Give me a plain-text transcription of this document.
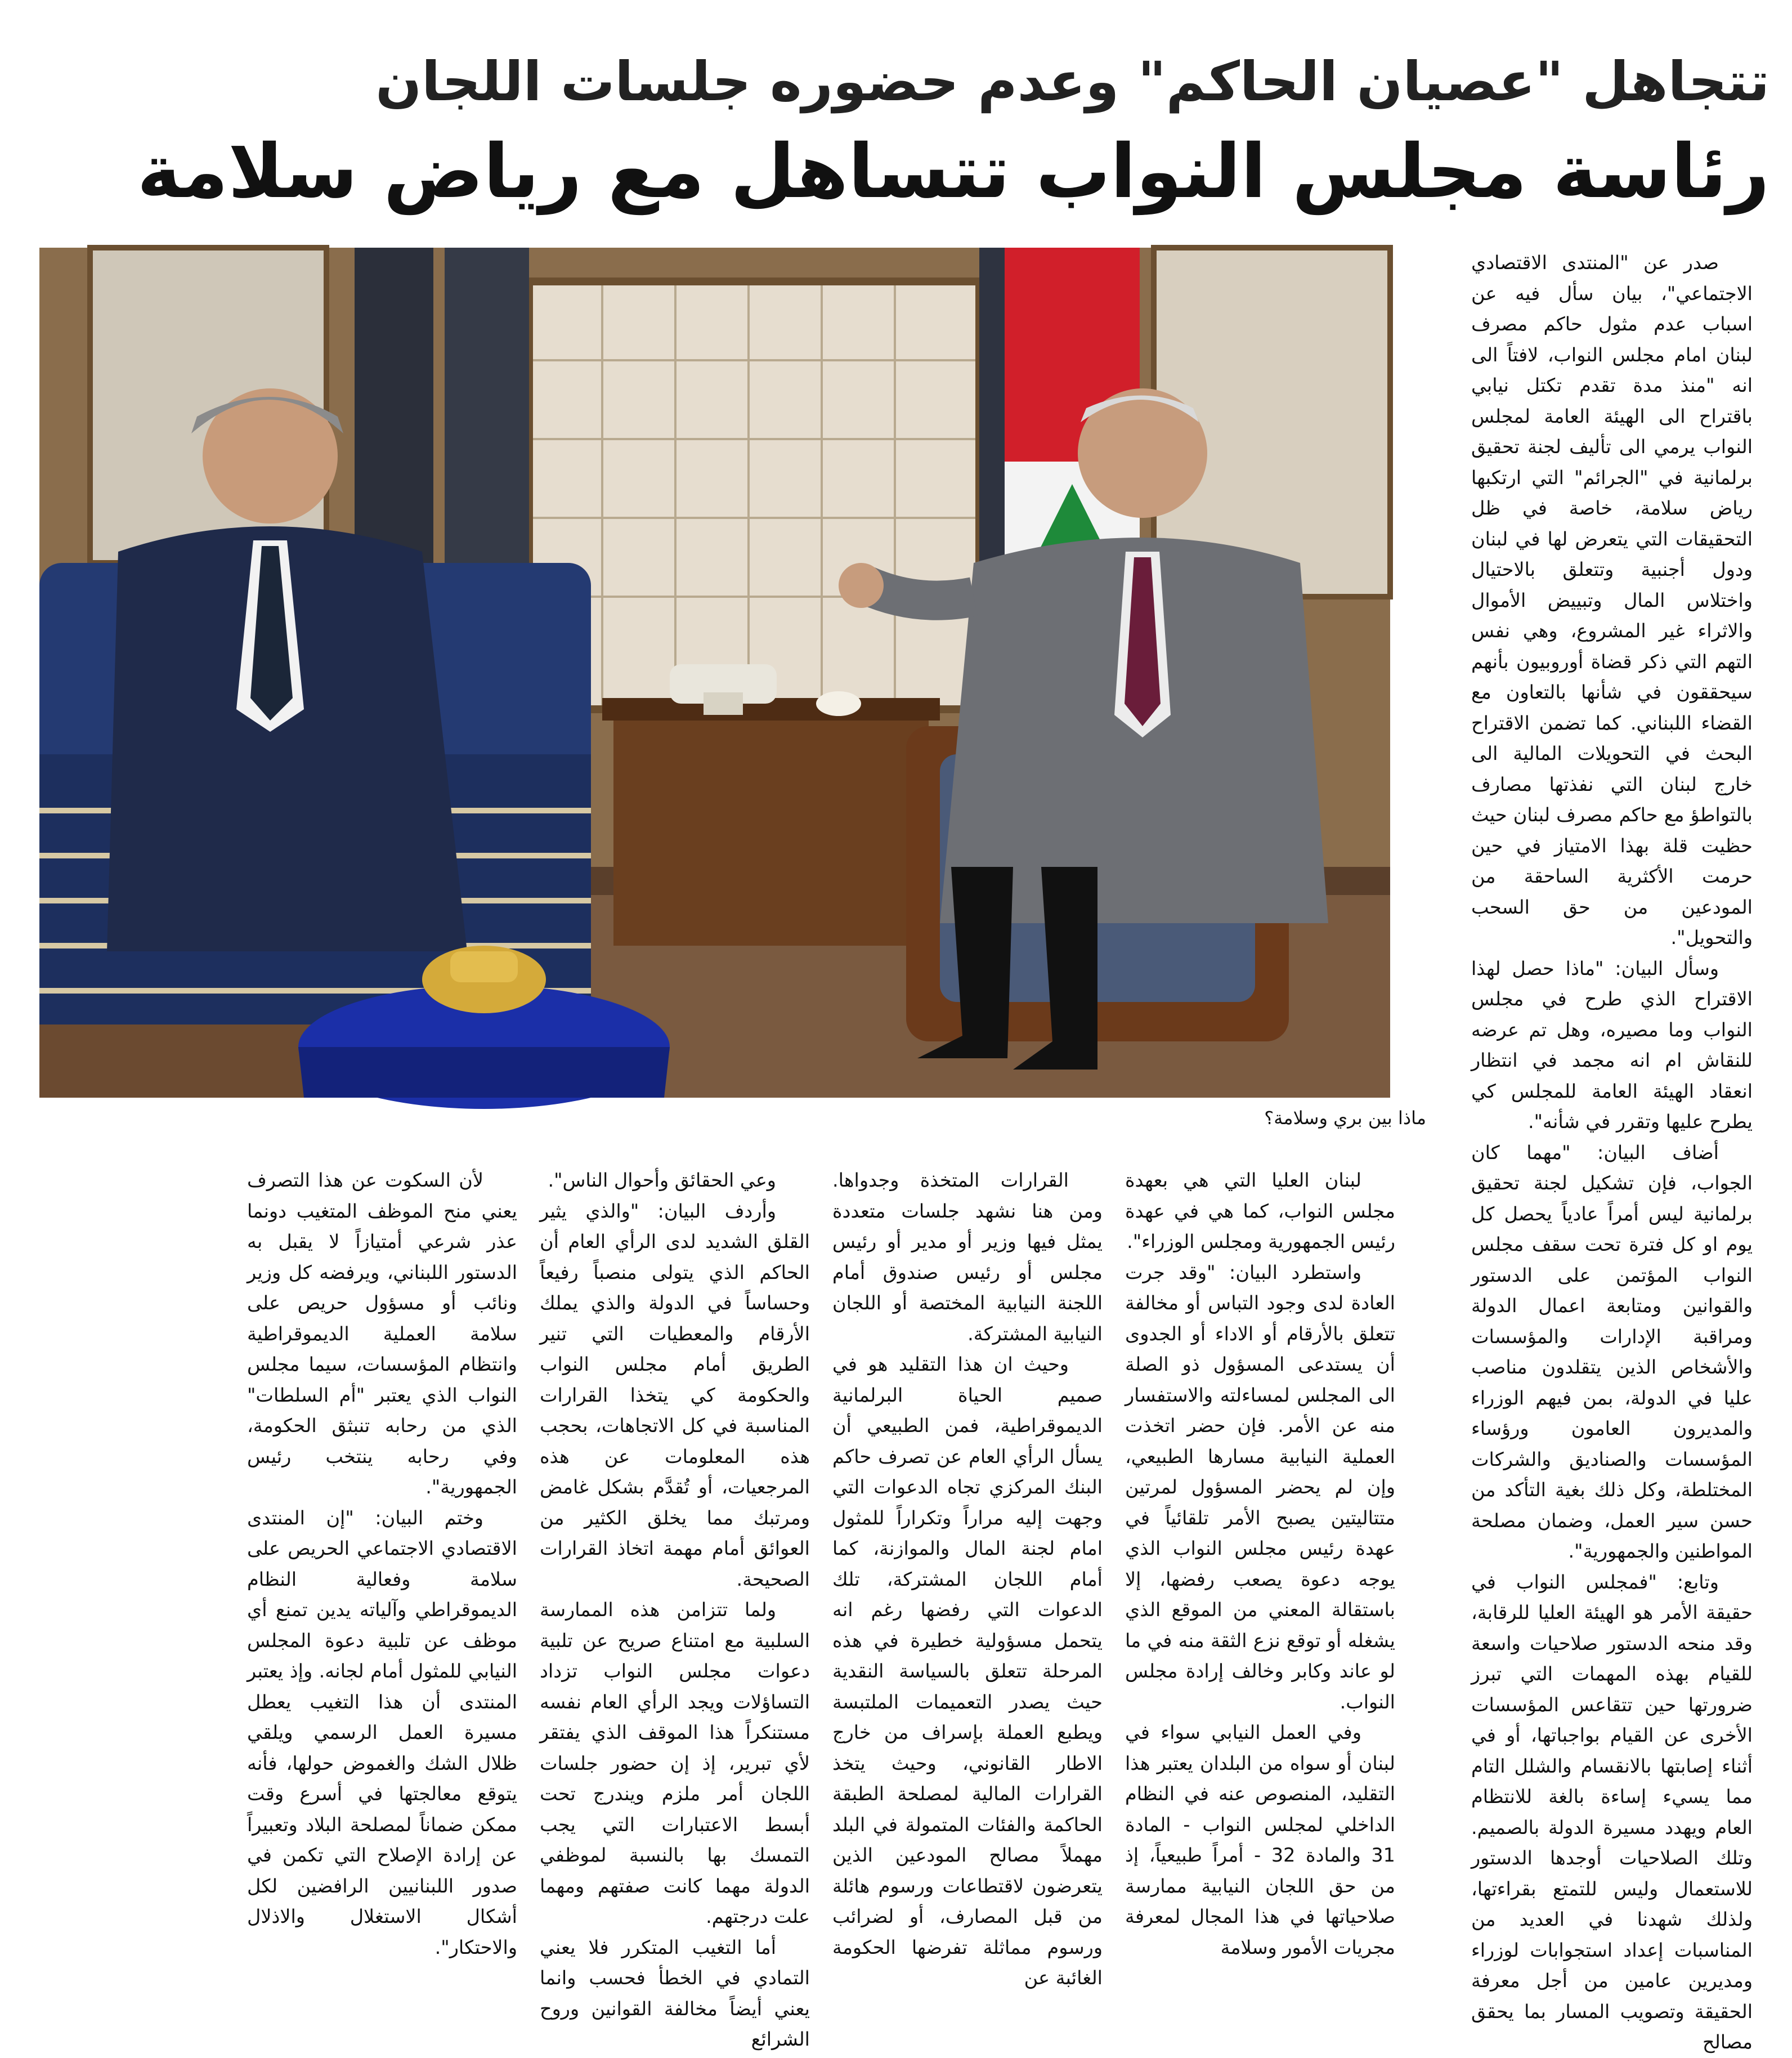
تتجاهل "عصيان الحاكم" وعدم حضوره جلسات اللجان
رئاسة مجلس النواب تتساهل مع رياض سلامة
ماذا بين بري وسلامة؟

صدر عن "المنتدى الاقتصادي الاجتماعي"، بيان سأل فيه عن اسباب عدم مثول حاكم مصرف لبنان امام مجلس النواب، لافتاً الى انه "منذ مدة تقدم تكتل نيابي باقتراح الى الهيئة العامة لمجلس النواب يرمي الى تأليف لجنة تحقيق برلمانية في "الجرائم" التي ارتكبها رياض سلامة، خاصة في ظل التحقيقات التي يتعرض لها في لبنان ودول أجنبية وتتعلق بالاحتيال واختلاس المال وتبييض الأموال والاثراء غير المشروع، وهي نفس التهم التي ذكر قضاة أوروبيون بأنهم سيحققون في شأنها بالتعاون مع القضاء اللبناني. كما تضمن الاقتراح البحث في التحويلات المالية الى خارج لبنان التي نفذتها مصارف بالتواطؤ مع حاكم مصرف لبنان حيث حظيت قلة بهذا الامتياز في حين حرمت الأكثرية الساحقة من المودعين من حق السحب والتحويل".

وسأل البيان: "ماذا حصل لهذا الاقتراح الذي طرح في مجلس النواب وما مصيره، وهل تم عرضه للنقاش ام انه مجمد في انتظار انعقاد الهيئة العامة للمجلس كي يطرح عليها وتقرر في شأنه".

أضاف البيان: "مهما كان الجواب، فإن تشكيل لجنة تحقيق برلمانية ليس أمراً عادياً يحصل كل يوم او كل فترة تحت سقف مجلس النواب المؤتمن على الدستور والقوانين ومتابعة اعمال الدولة ومراقبة الإدارات والمؤسسات والأشخاص الذين يتقلدون مناصب عليا في الدولة، بمن فيهم الوزراء والمديرون العامون ورؤساء المؤسسات والصناديق والشركات المختلطة، وكل ذلك بغية التأكد من حسن سير العمل، وضمان مصلحة المواطنين والجمهورية".

وتابع: "فمجلس النواب في حقيقة الأمر هو الهيئة العليا للرقابة، وقد منحه الدستور صلاحيات واسعة للقيام بهذه المهمات التي تبرز ضرورتها حين تتقاعس المؤسسات الأخرى عن القيام بواجباتها، أو في أثناء إصابتها بالانقسام والشلل التام مما يسيء إساءة بالغة للانتظام العام ويهدد مسيرة الدولة بالصميم. وتلك الصلاحيات أوجدها الدستور للاستعمال وليس للتمتع بقراءتها، ولذلك شهدنا في العديد من المناسبات إعداد استجوابات لوزراء ومديرين عامين من أجل معرفة الحقيقة وتصويب المسار بما يحقق مصالح

لبنان العليا التي هي بعهدة مجلس النواب، كما هي في عهدة رئيس الجمهورية ومجلس الوزراء".

واستطرد البيان: "وقد جرت العادة لدى وجود التباس أو مخالفة تتعلق بالأرقام أو الاداء أو الجدوى أن يستدعى المسؤول ذو الصلة الى المجلس لمساءلته والاستفسار منه عن الأمر. فإن حضر اتخذت العملية النيابية مسارها الطبيعي، وإن لم يحضر المسؤول لمرتين متتاليتين يصبح الأمر تلقائياً في عهدة رئيس مجلس النواب الذي يوجه دعوة يصعب رفضها، إلا باستقالة المعني من الموقع الذي يشغله أو توقع نزع الثقة منه في ما لو عاند وكابر وخالف إرادة مجلس النواب.

وفي العمل النيابي سواء في لبنان أو سواه من البلدان يعتبر هذا التقليد، المنصوص عنه في النظام الداخلي لمجلس النواب - المادة 31 والمادة 32 - أمراً طبيعياً، إذ من حق اللجان النيابية ممارسة صلاحياتها في هذا المجال لمعرفة مجريات الأمور وسلامة

القرارات المتخذة وجدواها. ومن هنا نشهد جلسات متعددة يمثل فيها وزير أو مدير أو رئيس مجلس أو رئيس صندوق أمام اللجنة النيابية المختصة أو اللجان النيابية المشتركة.

وحيث ان هذا التقليد هو في صميم الحياة البرلمانية الديموقراطية، فمن الطبيعي أن يسأل الرأي العام عن تصرف حاكم البنك المركزي تجاه الدعوات التي وجهت إليه مراراً وتكراراً للمثول امام لجنة المال والموازنة، كما أمام اللجان المشتركة، تلك الدعوات التي رفضها رغم انه يتحمل مسؤولية خطيرة في هذه المرحلة تتعلق بالسياسة النقدية حيث يصدر التعميمات الملتبسة ويطبع العملة بإسراف من خارج الاطار القانوني، وحيث يتخذ القرارات المالية لمصلحة الطبقة الحاكمة والفئات المتمولة في البلد مهملاً مصالح المودعين الذين يتعرضون لاقتطاعات ورسوم هائلة من قبل المصارف، أو لضرائب ورسوم مماثلة تفرضها الحكومة الغائبة عن

وعي الحقائق وأحوال الناس".

وأردف البيان: "والذي يثير القلق الشديد لدى الرأي العام أن الحاكم الذي يتولى منصباً رفيعاً وحساساً في الدولة والذي يملك الأرقام والمعطيات التي تنير الطريق أمام مجلس النواب والحكومة كي يتخذا القرارات المناسبة في كل الاتجاهات، بحجب هذه المعلومات عن هذه المرجعيات، أو تُقدَّم بشكل غامض ومرتبك مما يخلق الكثير من العوائق أمام مهمة اتخاذ القرارات الصحيحة.

ولما تتزامن هذه الممارسة السلبية مع امتناع صريح عن تلبية دعوات مجلس النواب تزداد التساؤلات ويجد الرأي العام نفسه مستنكراً هذا الموقف الذي يفتقر لأي تبرير، إذ إن حضور جلسات اللجان أمر ملزم ويندرج تحت أبسط الاعتبارات التي يجب التمسك بها بالنسبة لموظفي الدولة مهما كانت صفتهم ومهما علت درجتهم.

أما التغيب المتكرر فلا يعني التمادي في الخطأ فحسب وانما يعني أيضاً مخالفة القوانين وروح الشرائع

لأن السكوت عن هذا التصرف يعني منح الموظف المتغيب دونما عذر شرعي أمتيازاً لا يقبل به الدستور اللبناني، ويرفضه كل وزير ونائب أو مسؤول حريص على سلامة العملية الديموقراطية وانتظام المؤسسات، سيما مجلس النواب الذي يعتبر "أم السلطات" الذي من رحابه تنبثق الحكومة، وفي رحابه ينتخب رئيس الجمهورية".

وختم البيان: "إن المنتدى الاقتصادي الاجتماعي الحريص على سلامة وفعالية النظام الديموقراطي وآلياته يدين تمنع أي موظف عن تلبية دعوة المجلس النيابي للمثول أمام لجانه. وإذ يعتبر المنتدى أن هذا التغيب يعطل مسيرة العمل الرسمي ويلقي ظلال الشك والغموض حولها، فأنه يتوقع معالجتها في أسرع وقت ممكن ضماناً لمصلحة البلاد وتعبيراً عن إرادة الإصلاح التي تكمن في صدور اللبنانيين الرافضين لكل أشكال الاستغلال والاذلال والاحتكار".
